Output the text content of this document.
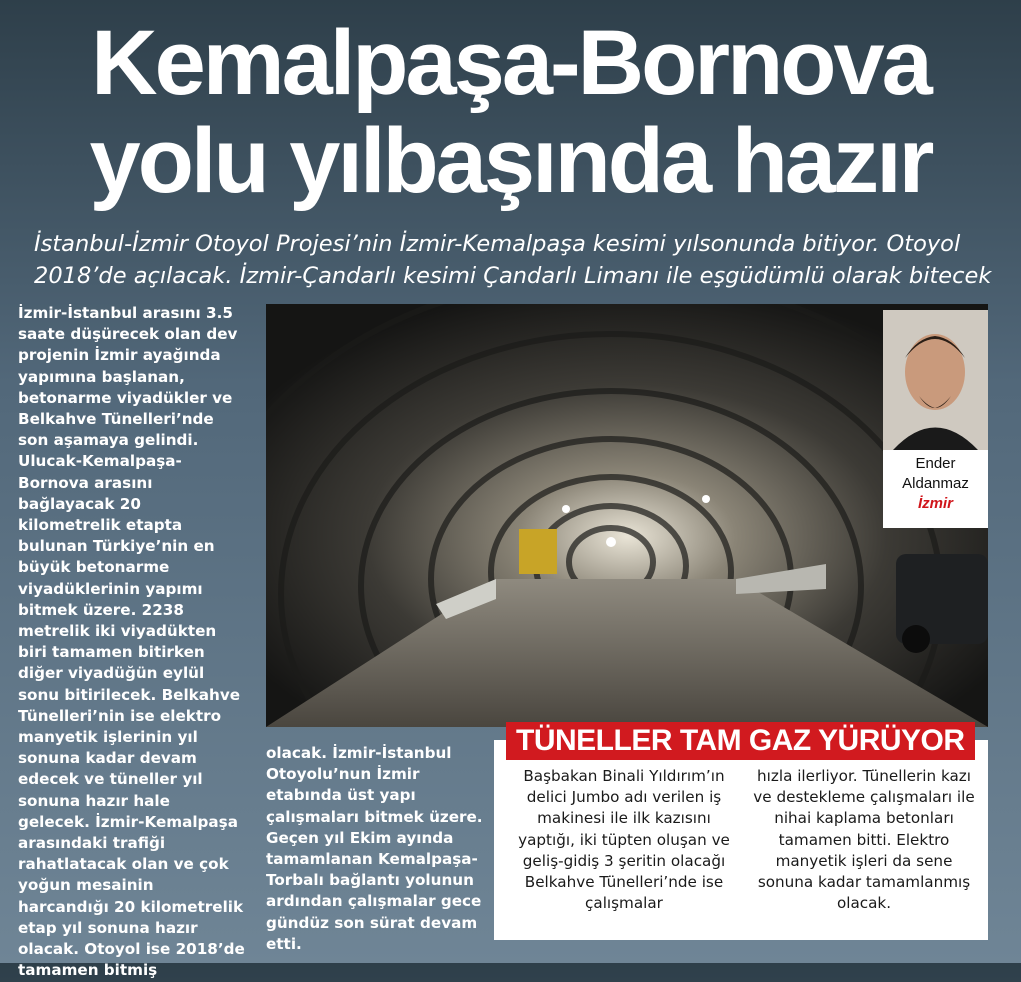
Kemalpaşa-Bornova
yolu yılbaşında hazır
İstanbul-İzmir Otoyol Projesi’nin İzmir-Kemalpaşa kesimi yılsonunda bitiyor. Otoyol 2018’de açılacak. İzmir-Çandarlı kesimi Çandarlı Limanı ile eşgüdümlü olarak bitecek
İzmir-İstanbul arasını 3.5 saate düşürecek olan dev projenin İzmir ayağında yapımına başlanan, betonarme viyadükler ve Belkahve Tünelleri’nde son aşamaya gelindi. Ulucak-Kemalpaşa-Bornova arasını bağlayacak 20 kilometrelik etapta bulunan Türkiye’nin en büyük betonarme viyadüklerinin yapımı bitmek üzere. 2238 metrelik iki viyadükten biri tamamen bitirken diğer viyadüğün eylül sonu bitirilecek. Belkahve Tünelleri’nin ise elektro manyetik işlerinin yıl sonuna kadar devam edecek ve tüneller yıl sonuna hazır hale gelecek. İzmir-Kemalpaşa arasındaki trafiği rahatlatacak olan ve çok yoğun mesainin harcandığı 20 kilometrelik etap yıl sonuna hazır olacak. Otoyol ise 2018’de tamamen bitmiş
Ender
Aldanmaz
İzmir
olacak. İzmir-İstanbul Otoyolu’nun İzmir etabında üst yapı çalışmaları bitmek üzere. Geçen yıl Ekim ayında tamamlanan Kemalpaşa-Torbalı bağlantı yolunun ardından çalışmalar gece gündüz son sürat devam etti.
TÜNELLER TAM GAZ YÜRÜYOR
Başbakan Binali Yıldırım’ın delici Jumbo adı verilen iş makinesi ile ilk kazısını yaptığı, iki tüpten oluşan ve geliş-gidiş 3 şeritin olacağı Belkahve Tünelleri’nde ise çalışmalar
hızla ilerliyor. Tünellerin kazı ve destekleme çalışmaları ile nihai kaplama betonları tamamen bitti. Elektro manyetik işleri da sene sonuna kadar tamamlanmış olacak.
